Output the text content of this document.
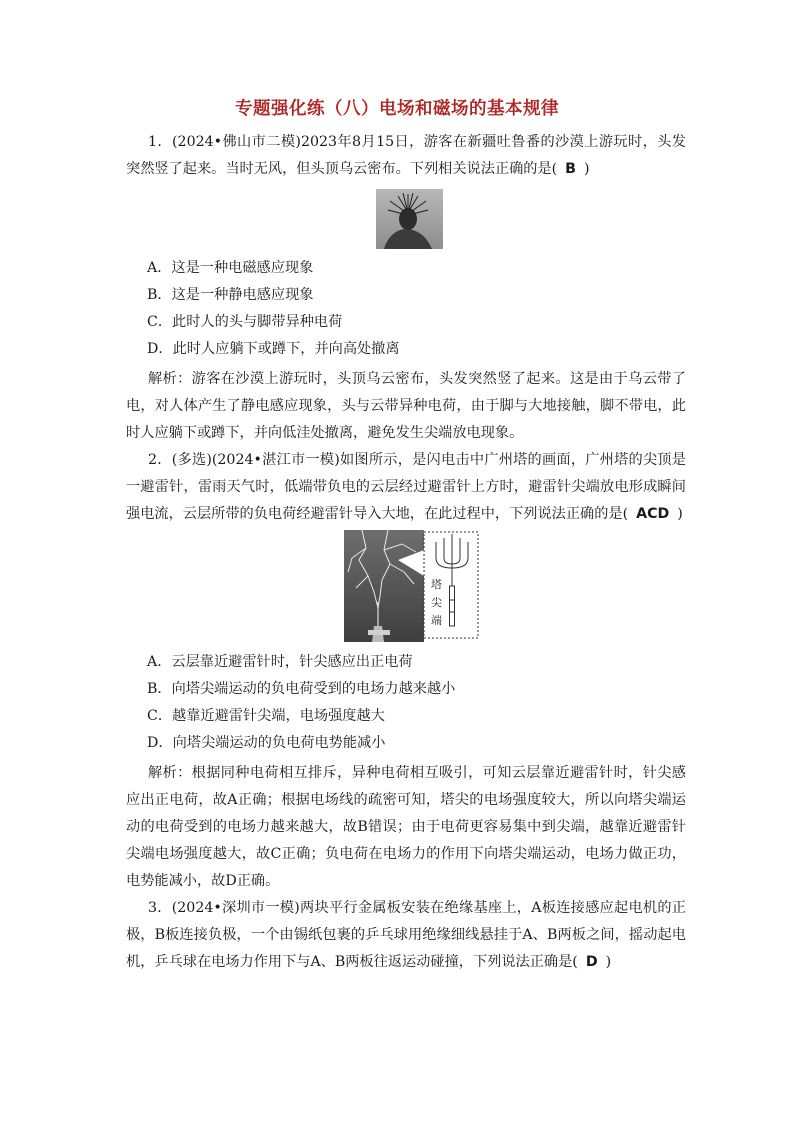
专题强化练（八）电场和磁场的基本规律
1．(2024•佛山市二模)2023年8月15日，游客在新疆吐鲁番的沙漠上游玩时，头发突然竖了起来。当时无风，但头顶乌云密布。下列相关说法正确的是( B )
A．这是一种电磁感应现象
B．这是一种静电感应现象
C．此时人的头与脚带异种电荷
D．此时人应躺下或蹲下，并向高处撤离
解析：游客在沙漠上游玩时，头顶乌云密布，头发突然竖了起来。这是由于乌云带了电，对人体产生了静电感应现象，头与云带异种电荷，由于脚与大地接触，脚不带电，此时人应躺下或蹲下，并向低洼处撤离，避免发生尖端放电现象。
2．(多选)(2024•湛江市一模)如图所示，是闪电击中广州塔的画面，广州塔的尖顶是一避雷针，雷雨天气时，低端带负电的云层经过避雷针上方时，避雷针尖端放电形成瞬间强电流，云层所带的负电荷经避雷针导入大地，在此过程中，下列说法正确的是( ACD )
塔 尖 端
A．云层靠近避雷针时，针尖感应出正电荷
B．向塔尖端运动的负电荷受到的电场力越来越小
C．越靠近避雷针尖端，电场强度越大
D．向塔尖端运动的负电荷电势能减小
解析：根据同种电荷相互排斥，异种电荷相互吸引，可知云层靠近避雷针时，针尖感应出正电荷，故A正确；根据电场线的疏密可知，塔尖的电场强度较大，所以向塔尖端运动的电荷受到的电场力越来越大，故B错误；由于电荷更容易集中到尖端，越靠近避雷针尖端电场强度越大，故C正确；负电荷在电场力的作用下向塔尖端运动，电场力做正功，电势能减小，故D正确。
3．(2024•深圳市一模)两块平行金属板安装在绝缘基座上，A板连接感应起电机的正极，B板连接负极，一个由锡纸包裹的乒乓球用绝缘细线悬挂于A、B两板之间，摇动起电机，乒乓球在电场力作用下与A、B两板往返运动碰撞，下列说法正确是( D )
